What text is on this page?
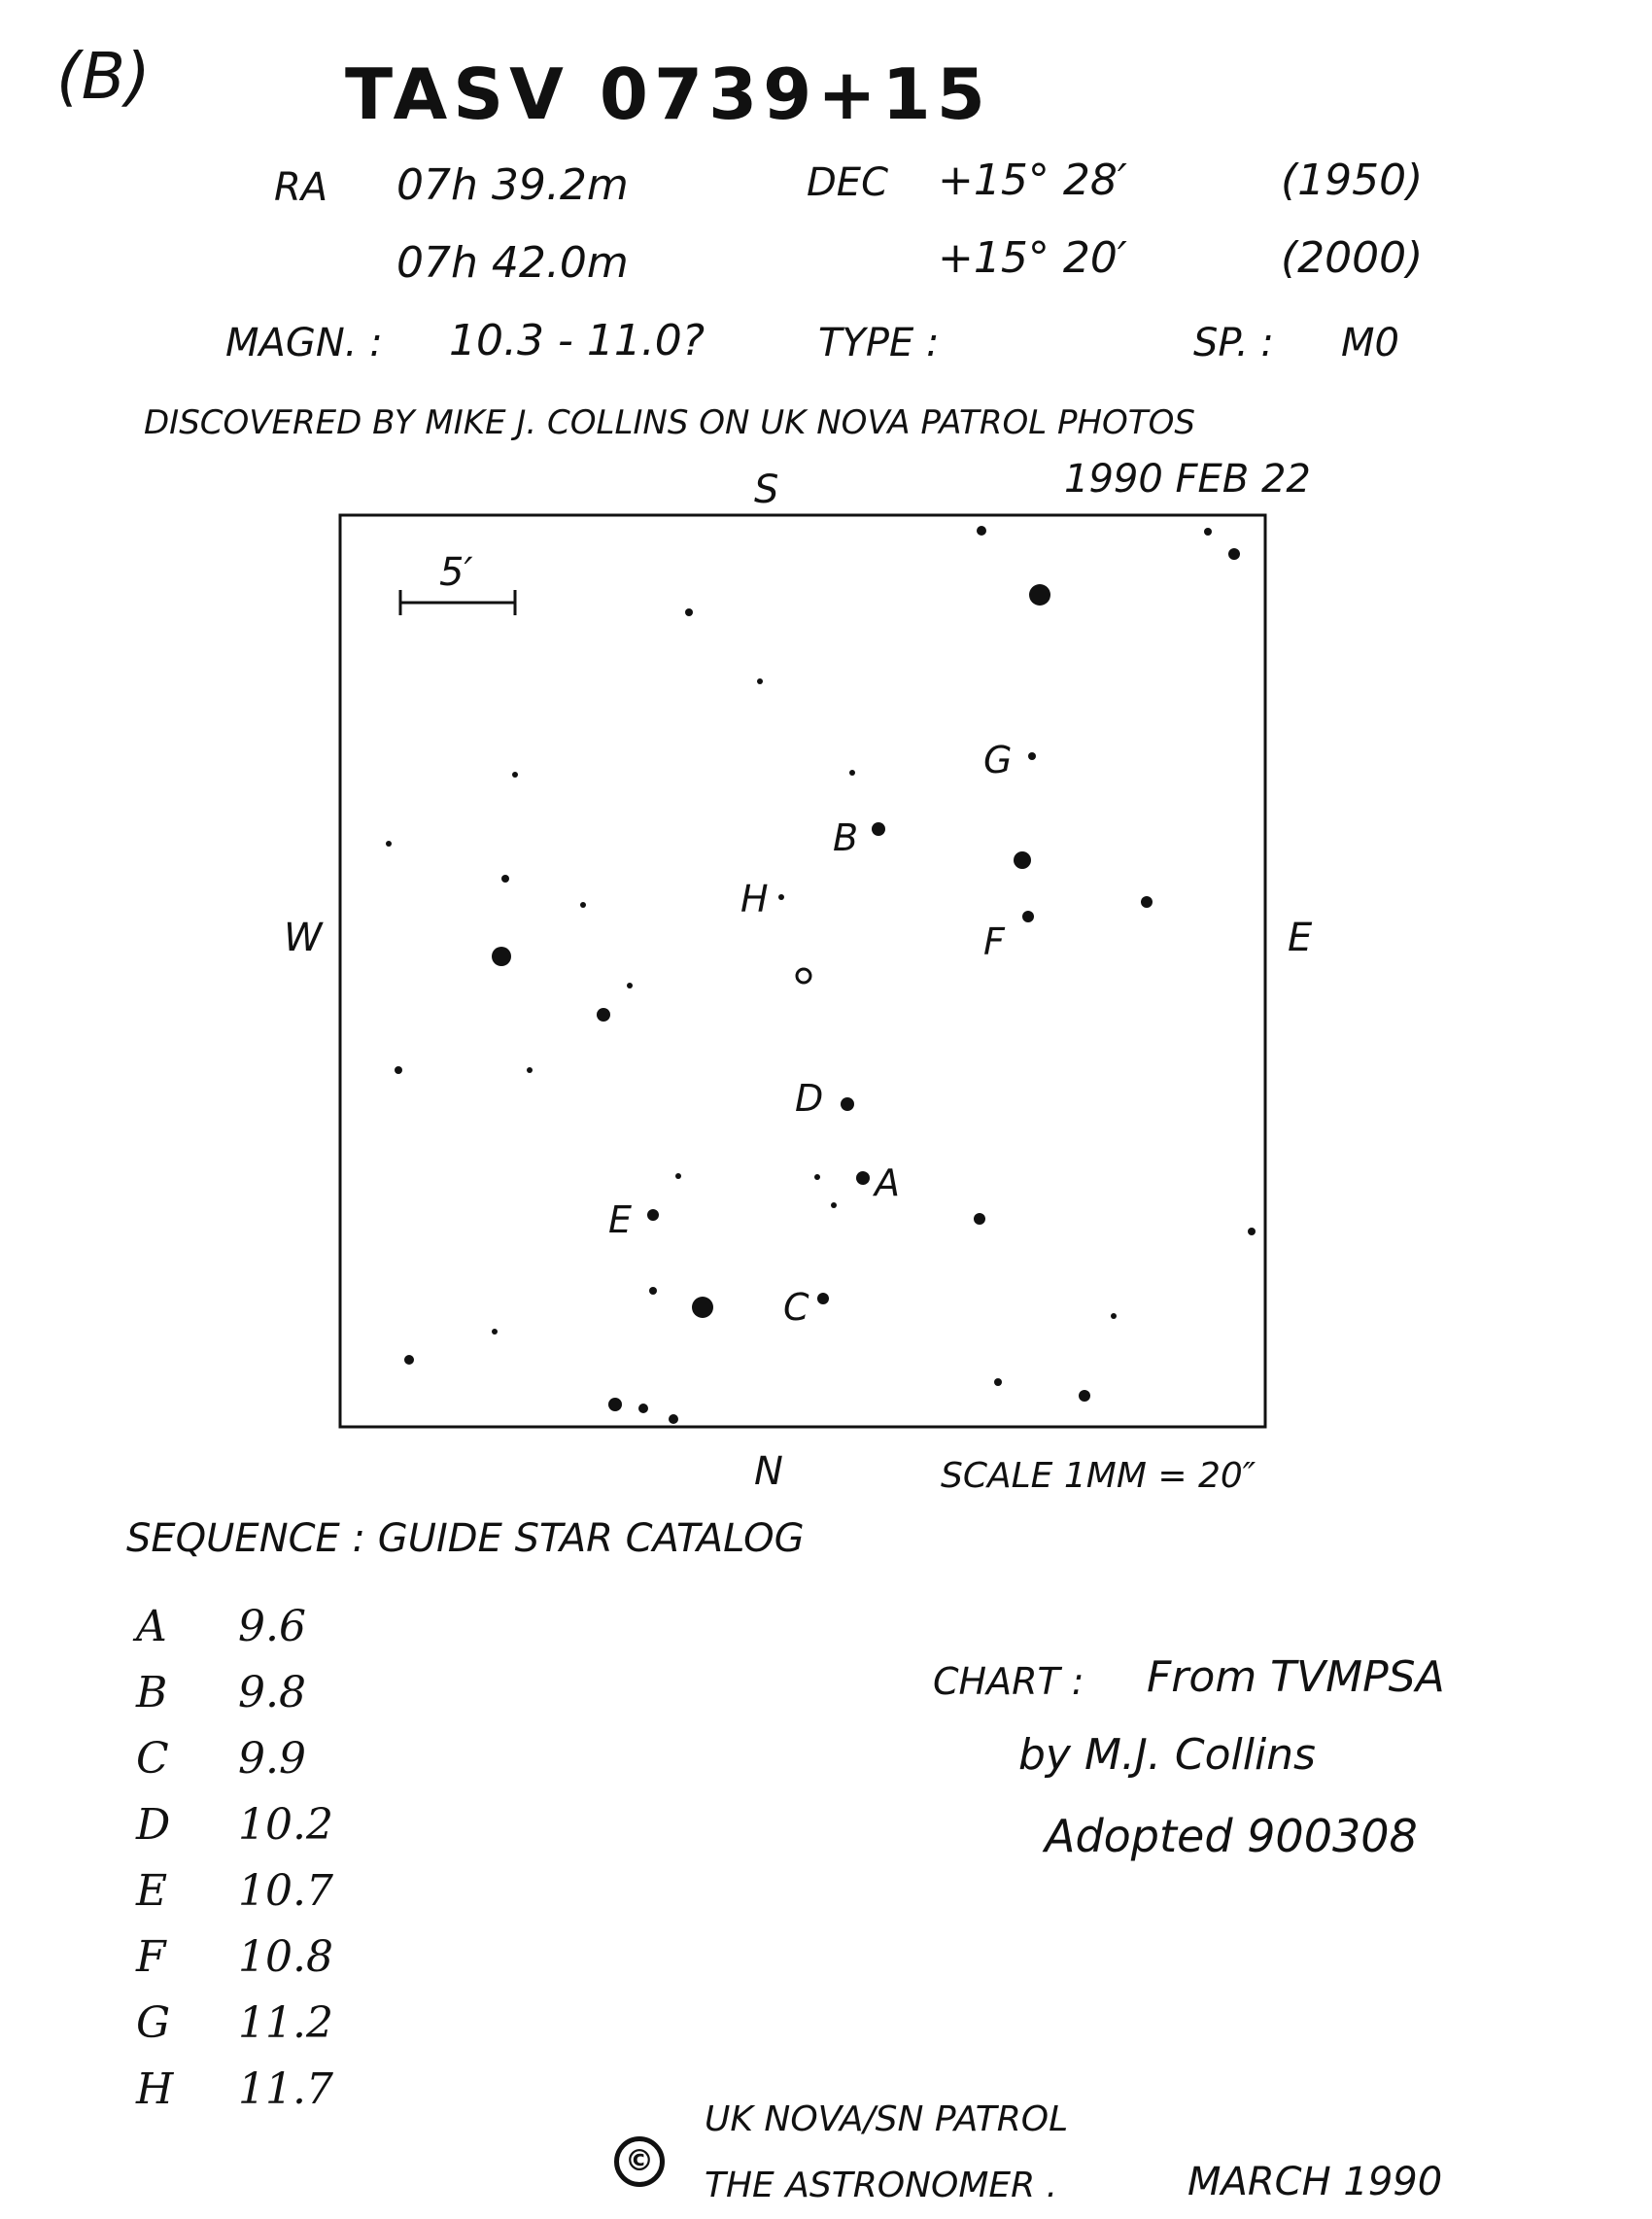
(B)	TASV 0739+15
RA 07h 39.2m	DEC +15° 28′	(1950)
07h 42.0m	+15° 20′	(2000)
MAGN. : 10.3 - 11.0?	TYPE :	SP. : M0
DISCOVERED BY MIKE J. COLLINS ON UK NOVA PATROL PHOTOS
1990 FEB 22
5′
S
N
W	E
SCALE 1MM = 20″
G
B
H
F
D
A
E
C
SEQUENCE : GUIDE STAR CATALOG
A 9.6
B 9.8
C 9.9
D 10.2
E 10.7
F 10.8
G 11.2
H 11.7
CHART : From TVMPSA
by M.J. Collins
Adopted 900308
©
UK NOVA/SN PATROL
THE ASTRONOMER .	MARCH 1990
